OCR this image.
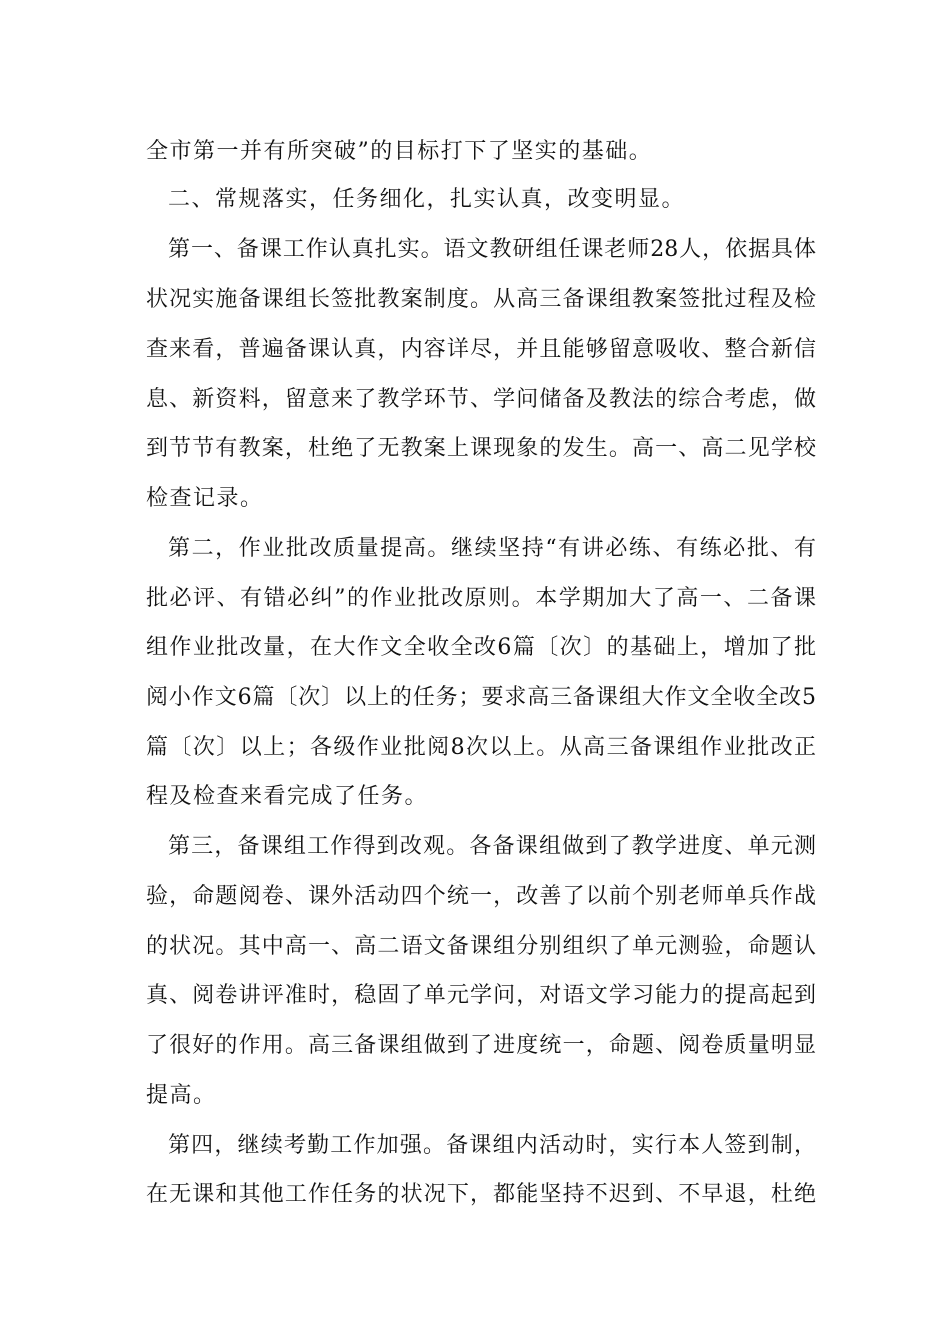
全市第一并有所突破”的目标打下了坚实的基础。
二、常规落实，任务细化，扎实认真，改变明显。
第一、备课工作认真扎实。语文教研组任课老师28人，依据具体
状况实施备课组长签批教案制度。从高三备课组教案签批过程及检
查来看，普遍备课认真，内容详尽，并且能够留意吸收、整合新信
息、新资料，留意来了教学环节、学问储备及教法的综合考虑，做
到节节有教案，杜绝了无教案上课现象的发生。高一、高二见学校
检查记录。
第二，作业批改质量提高。继续坚持“有讲必练、有练必批、有
批必评、有错必纠”的作业批改原则。本学期加大了高一、二备课
组作业批改量，在大作文全收全改6篇〔次〕的基础上，增加了批
阅小作文6篇〔次〕以上的任务；要求高三备课组大作文全收全改5
篇〔次〕以上；各级作业批阅8次以上。从高三备课组作业批改正
程及检查来看完成了任务。
第三，备课组工作得到改观。各备课组做到了教学进度、单元测
验，命题阅卷、课外活动四个统一，改善了以前个别老师单兵作战
的状况。其中高一、高二语文备课组分别组织了单元测验，命题认
真、阅卷讲评准时，稳固了单元学问，对语文学习能力的提高起到
了很好的作用。高三备课组做到了进度统一，命题、阅卷质量明显
提高。
第四，继续考勤工作加强。备课组内活动时，实行本人签到制，
在无课和其他工作任务的状况下，都能坚持不迟到、不早退，杜绝
